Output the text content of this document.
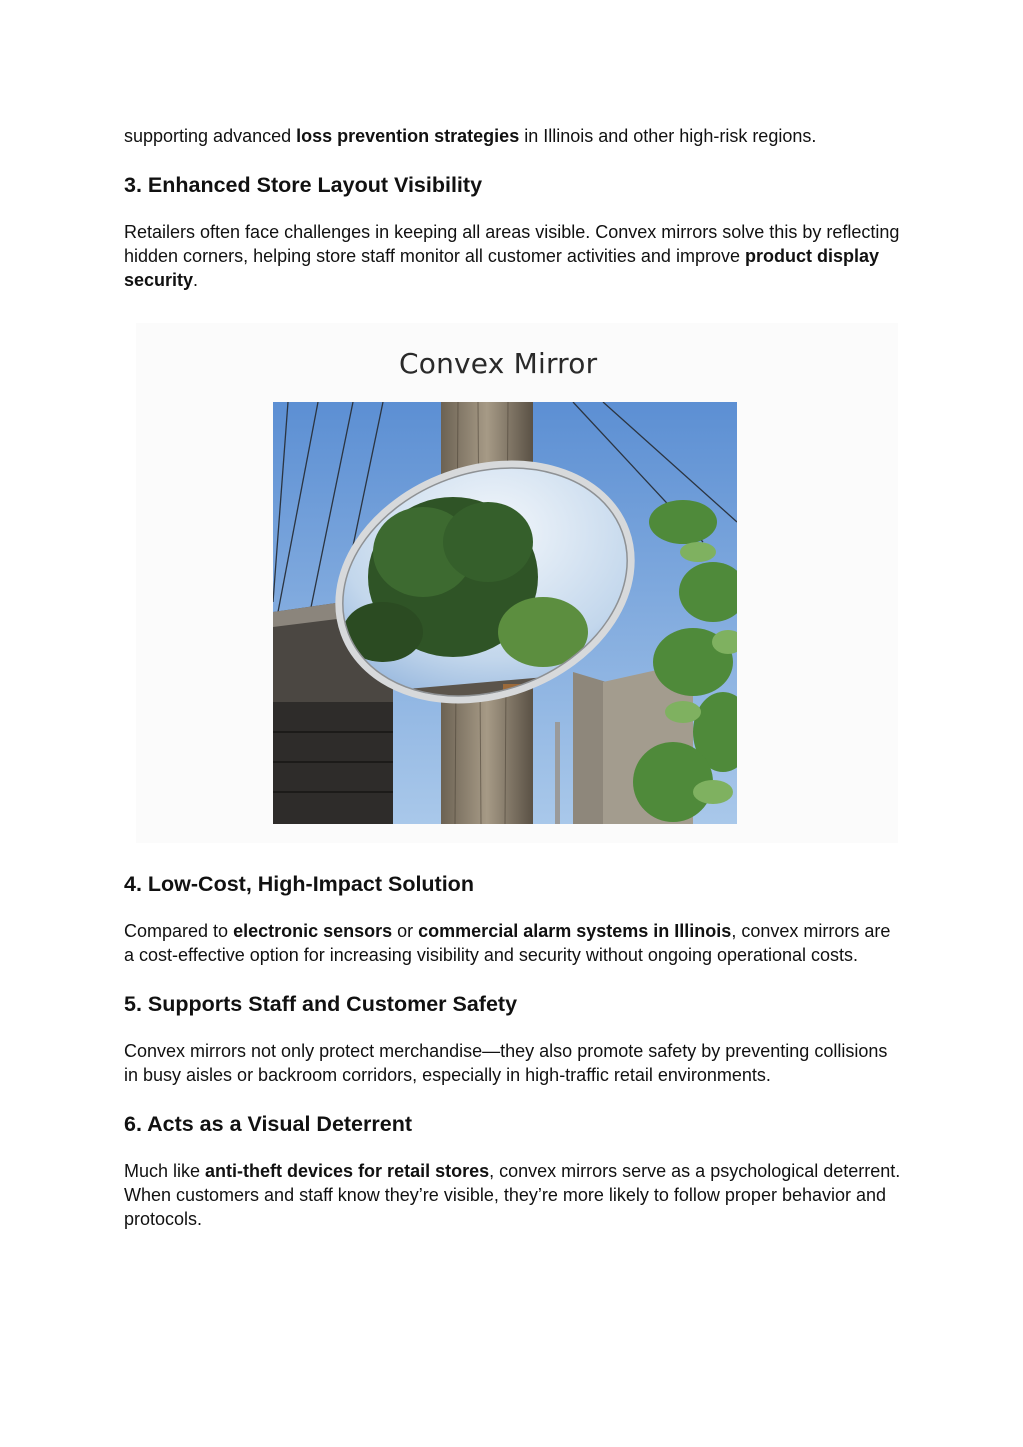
supporting advanced loss prevention strategies in Illinois and other high-risk regions.

3. Enhanced Store Layout Visibility

Retailers often face challenges in keeping all areas visible. Convex mirrors solve this by reflecting hidden corners, helping store staff monitor all customer activities and improve product display security.

Convex Mirror
4. Low-Cost, High-Impact Solution

Compared to electronic sensors or commercial alarm systems in Illinois, convex mirrors are a cost-effective option for increasing visibility and security without ongoing operational costs.

5. Supports Staff and Customer Safety

Convex mirrors not only protect merchandise—they also promote safety by preventing collisions in busy aisles or backroom corridors, especially in high-traffic retail environments.

6. Acts as a Visual Deterrent

Much like anti-theft devices for retail stores, convex mirrors serve as a psychological deterrent. When customers and staff know they’re visible, they’re more likely to follow proper behavior and protocols.
